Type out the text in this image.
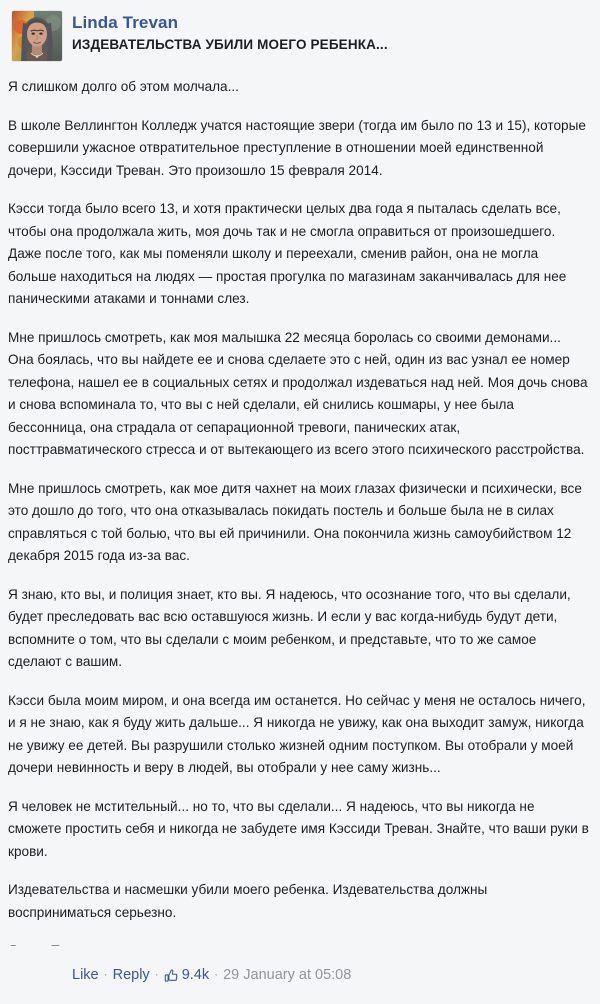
Linda Trevan
ИЗДЕВАТЕЛЬСТВА УБИЛИ МОЕГО РЕБЕНКА...

Я слишком долго об этом молчала...

В школе Веллингтон Колледж учатся настоящие звери (тогда им было по 13 и 15), которые совершили ужасное отвратительное преступление в отношении моей единственной дочери, Кэссиди Треван. Это произошло 15 февраля 2014.

Кэсси тогда было всего 13, и хотя практически целых два года я пыталась сделать все, чтобы она продолжала жить, моя дочь так и не смогла оправиться от произошедшего. Даже после того, как мы поменяли школу и переехали, сменив район, она не могла больше находиться на людях — простая прогулка по магазинам заканчивалась для нее паническими атаками и тоннами слез.

Мне пришлось смотреть, как моя малышка 22 месяца боролась со своими демонами... Она боялась, что вы найдете ее и снова сделаете это с ней, один из вас узнал ее номер телефона, нашел ее в социальных сетях и продолжал издеваться над ней. Моя дочь снова и снова вспоминала то, что вы с ней сделали, ей снились кошмары, у нее была бессонница, она страдала от сепарационной тревоги, панических атак, посттравматического стресса и от вытекающего из всего этого психического расстройства.

Мне пришлось смотреть, как мое дитя чахнет на моих глазах физически и психически, все это дошло до того, что она отказывалась покидать постель и больше была не в силах справляться с той болью, что вы ей причинили. Она покончила жизнь самоубийством 12 декабря 2015 года из-за вас.

Я знаю, кто вы, и полиция знает, кто вы. Я надеюсь, что осознание того, что вы сделали, будет преследовать вас всю оставшуюся жизнь. И если у вас когда-нибудь будут дети, вспомните о том, что вы сделали с моим ребенком, и представьте, что то же самое сделают с вашим.

Кэсси была моим миром, и она всегда им останется. Но сейчас у меня не осталось ничего, и я не знаю, как я буду жить дальше... Я никогда не увижу, как она выходит замуж, никогда не увижу ее детей. Вы разрушили столько жизней одним поступком. Вы отобрали у моей дочери невинность и веру в людей, вы отобрали у нее саму жизнь...

Я человек не мстительный... но то, что вы сделали... Я надеюсь, что вы никогда не сможете простить себя и никогда не забудете имя Кэссиди Треван. Знайте, что ваши руки в крови.

Издевательства и насмешки убили моего ребенка. Издевательства должны восприниматься серьезно.

Like · Reply ·	9.4k · 29 January at 05:08
